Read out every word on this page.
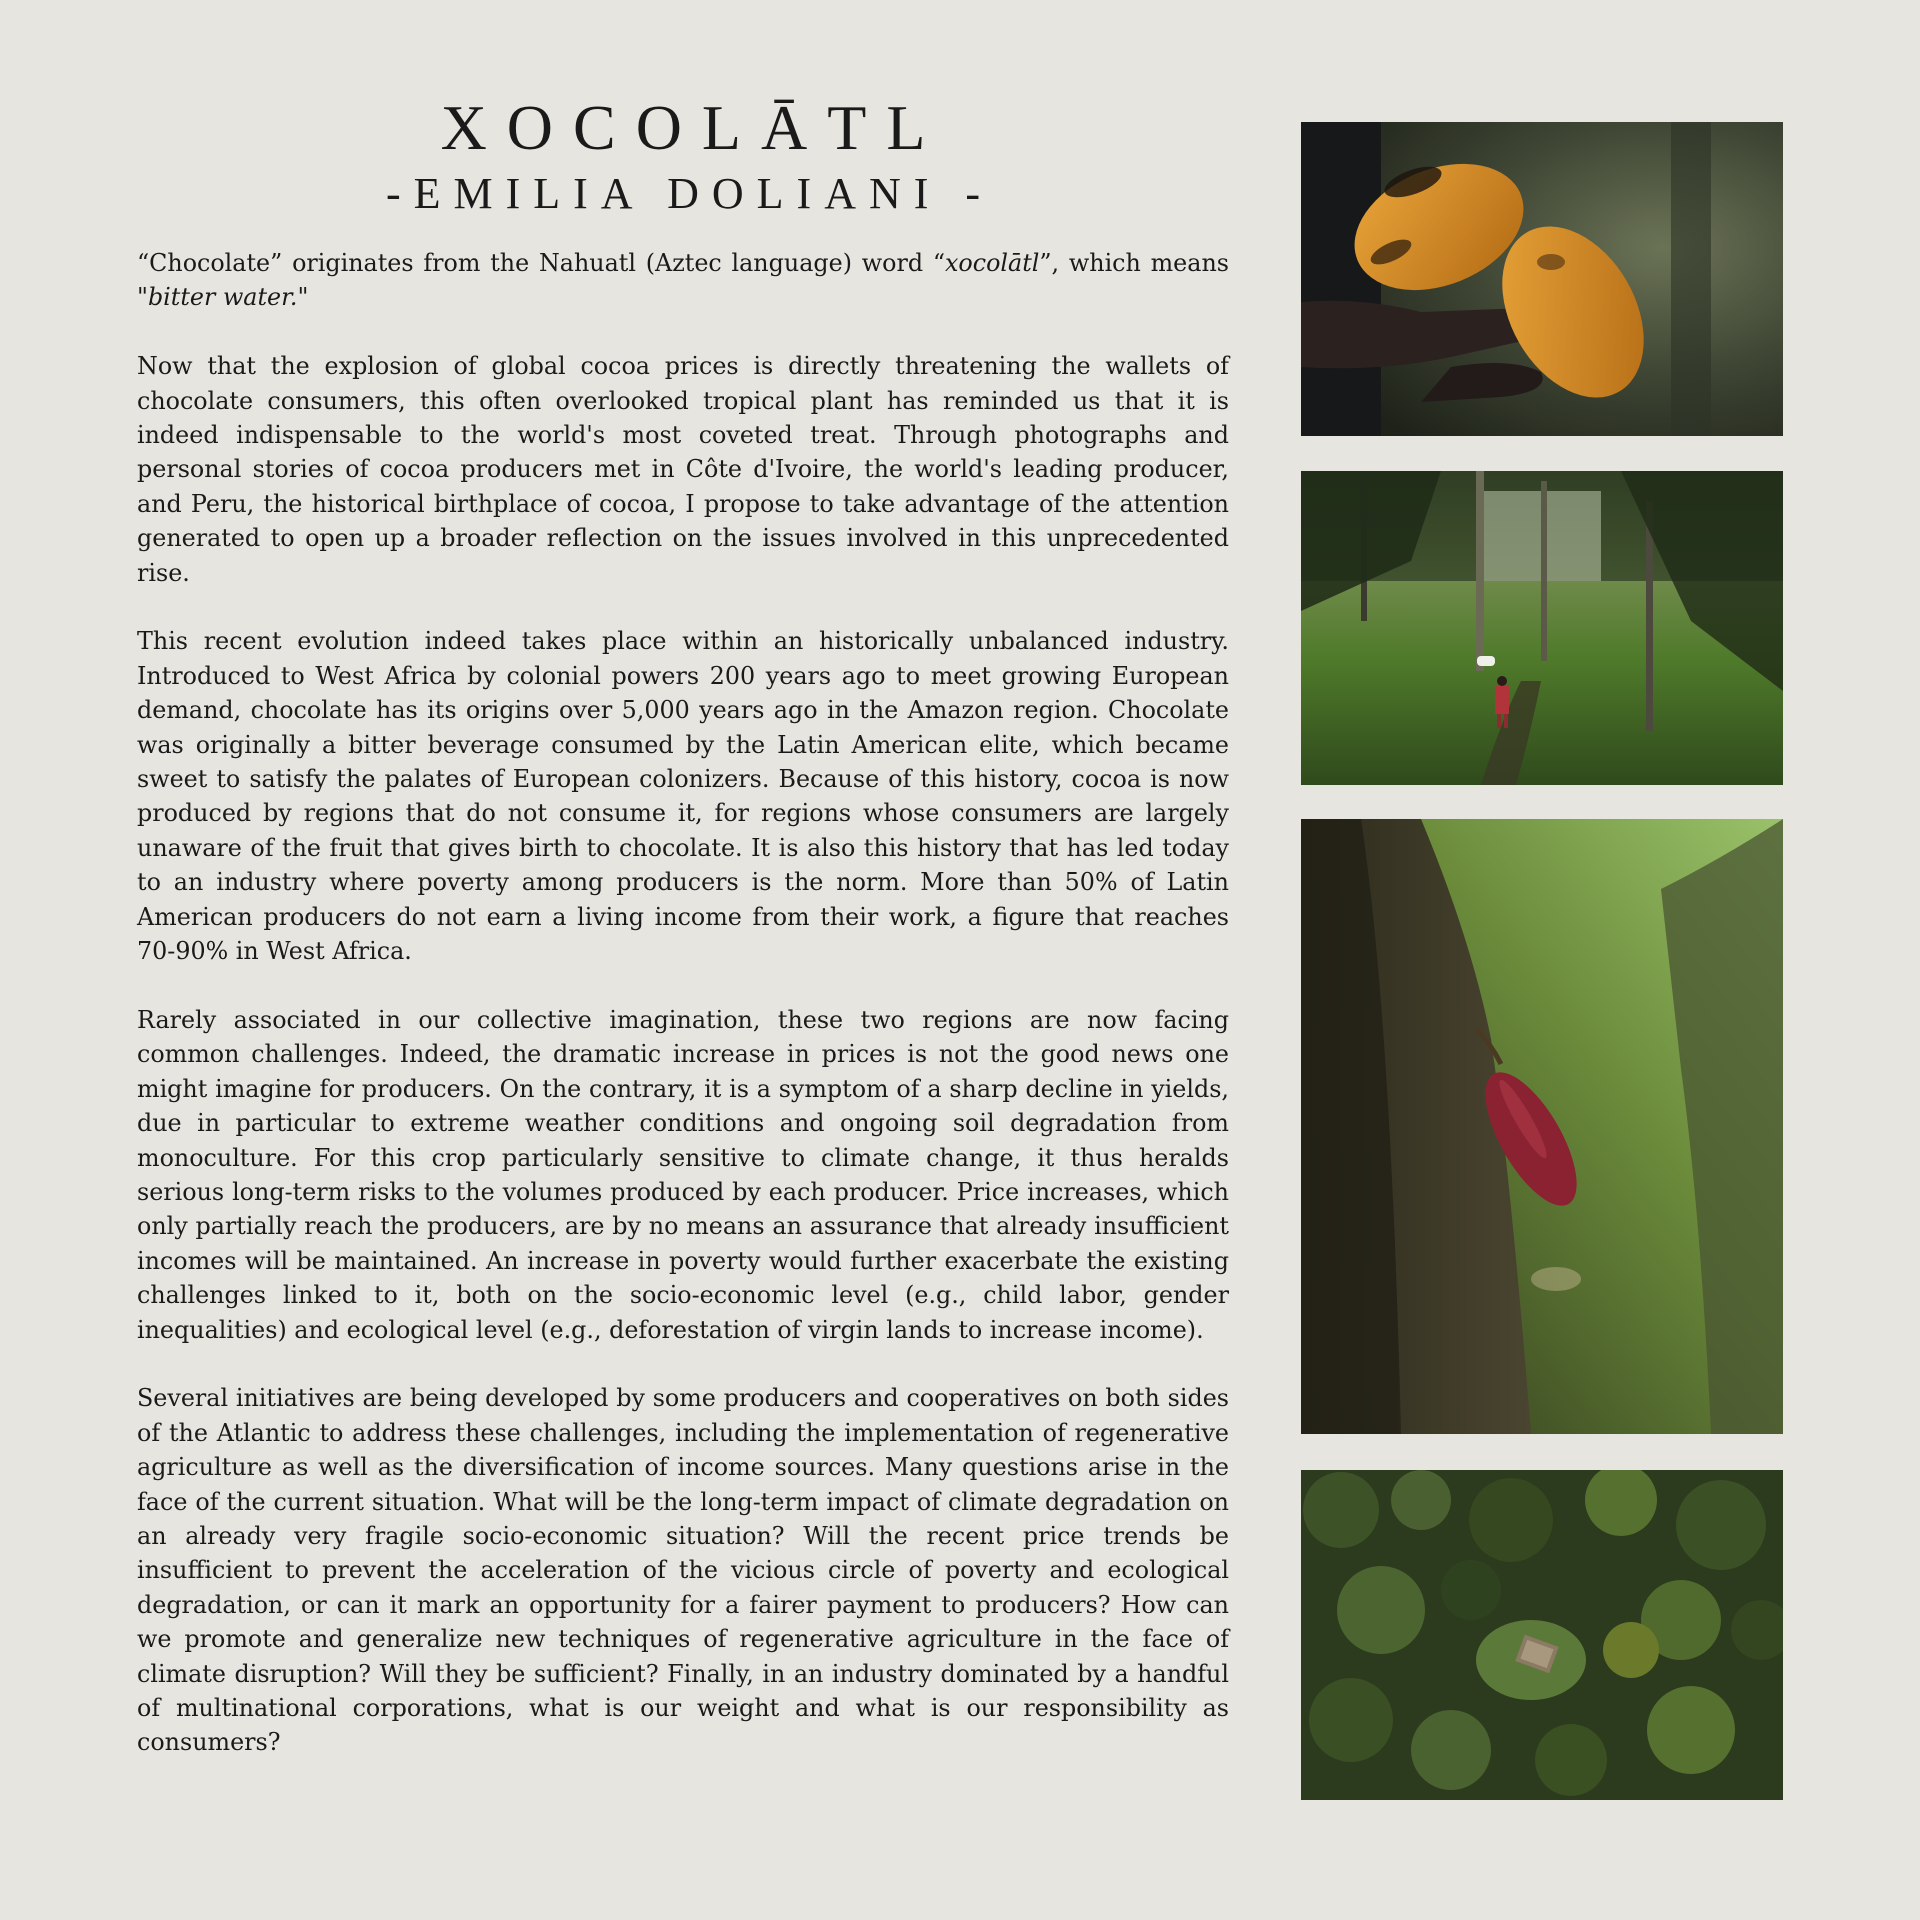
XOCOLĀTL
-EMILIA DOLIANI -

“Chocolate” originates from the Nahuatl (Aztec language) word “xocolātl”, which means "bitter water."

Now that the explosion of global cocoa prices is directly threatening the wallets of chocolate consumers, this often overlooked tropical plant has reminded us that it is indeed indispensable to the world's most coveted treat. Through photographs and personal stories of cocoa producers met in Côte d'Ivoire, the world's leading producer, and Peru, the historical birthplace of cocoa, I propose to take advantage of the attention generated to open up a broader reflection on the issues involved in this unprecedented rise.

This recent evolution indeed takes place within an historically unbalanced industry. Introduced to West Africa by colonial powers 200 years ago to meet growing European demand, chocolate has its origins over 5,000 years ago in the Amazon region. Chocolate was originally a bitter beverage consumed by the Latin American elite, which became sweet to satisfy the palates of European colonizers. Because of this history, cocoa is now produced by regions that do not consume it, for regions whose consumers are largely unaware of the fruit that gives birth to chocolate. It is also this history that has led today to an industry where poverty among producers is the norm. More than 50% of Latin American producers do not earn a living income from their work, a figure that reaches 70-90% in West Africa.

Rarely associated in our collective imagination, these two regions are now facing common challenges. Indeed, the dramatic increase in prices is not the good news one might imagine for producers. On the contrary, it is a symptom of a sharp decline in yields, due in particular to extreme weather conditions and ongoing soil degradation from monoculture. For this crop particularly sensitive to climate change, it thus heralds serious long-term risks to the volumes produced by each producer. Price increases, which only partially reach the producers, are by no means an assurance that already insufficient incomes will be maintained. An increase in poverty would further exacerbate the existing challenges linked to it, both on the socio-economic level (e.g., child labor, gender inequalities) and ecological level (e.g., deforestation of virgin lands to increase income).

Several initiatives are being developed by some producers and cooperatives on both sides of the Atlantic to address these challenges, including the implementation of regenerative agriculture as well as the diversification of income sources. Many questions arise in the face of the current situation. What will be the long-term impact of climate degradation on an already very fragile socio-economic situation? Will the recent price trends be insufficient to prevent the acceleration of the vicious circle of poverty and ecological degradation, or can it mark an opportunity for a fairer payment to producers? How can we promote and generalize new techniques of regenerative agriculture in the face of climate disruption? Will they be sufficient? Finally, in an industry dominated by a handful of multinational corporations, what is our weight and what is our responsibility as consumers?
